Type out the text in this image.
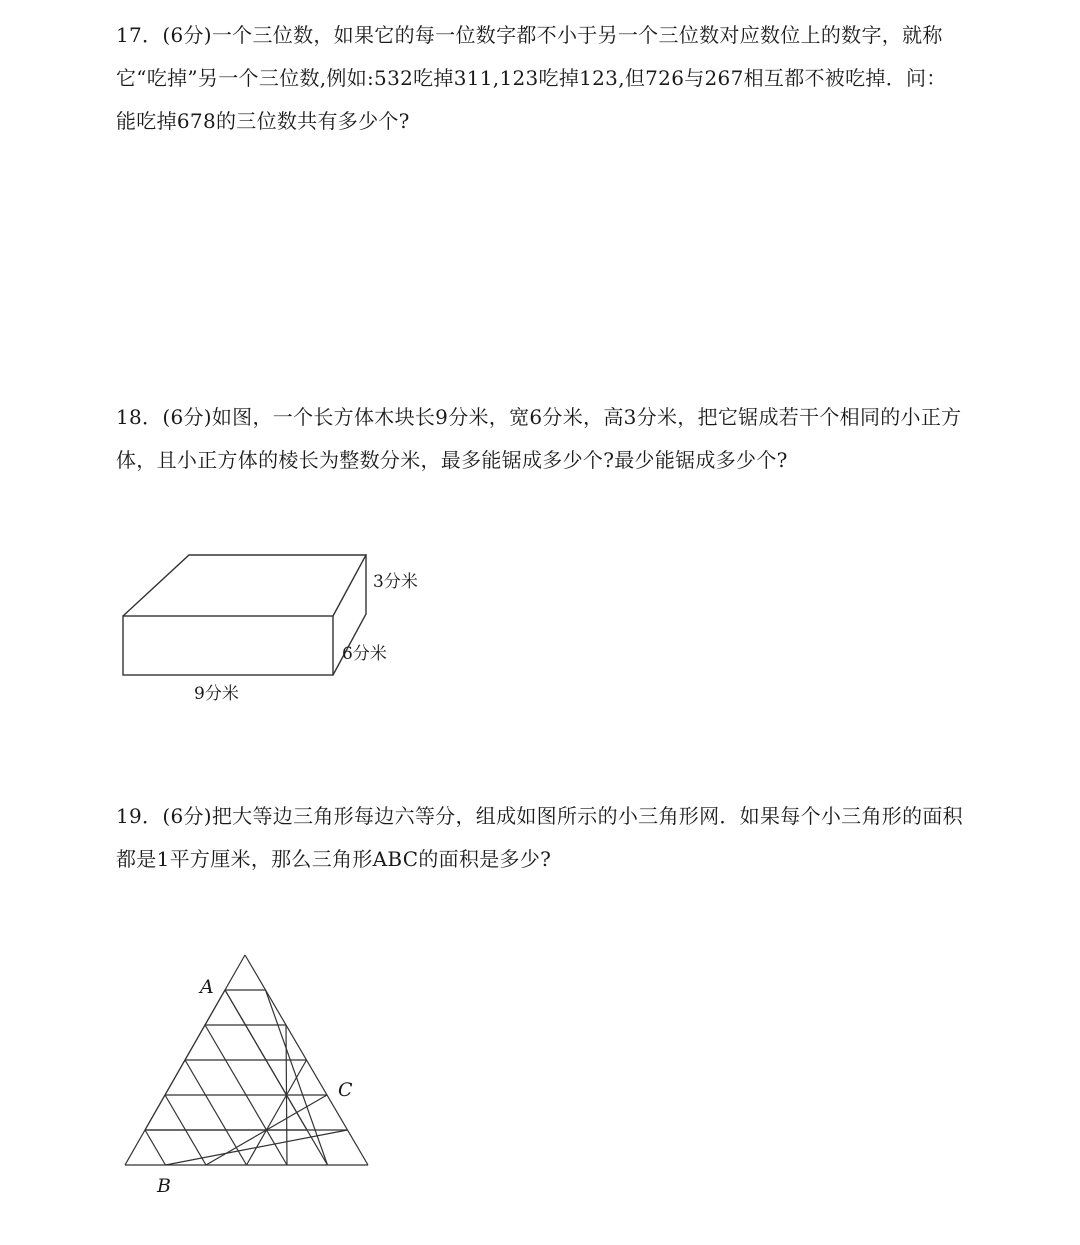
17．(6分)一个三位数，如果它的每一位数字都不小于另一个三位数对应数位上的数字，就称它“吃掉”另一个三位数,例如:532吃掉311,123吃掉123,但726与267相互都不被吃掉．问：能吃掉678的三位数共有多少个?
18．(6分)如图，一个长方体木块长9分米，宽6分米，高3分米，把它锯成若干个相同的小正方体，且小正方体的棱长为整数分米，最多能锯成多少个?最少能锯成多少个?
3分米
6分米
9分米
19．(6分)把大等边三角形每边六等分，组成如图所示的小三角形网．如果每个小三角形的面积都是1平方厘米，那么三角形ABC的面积是多少?
A
B
C
